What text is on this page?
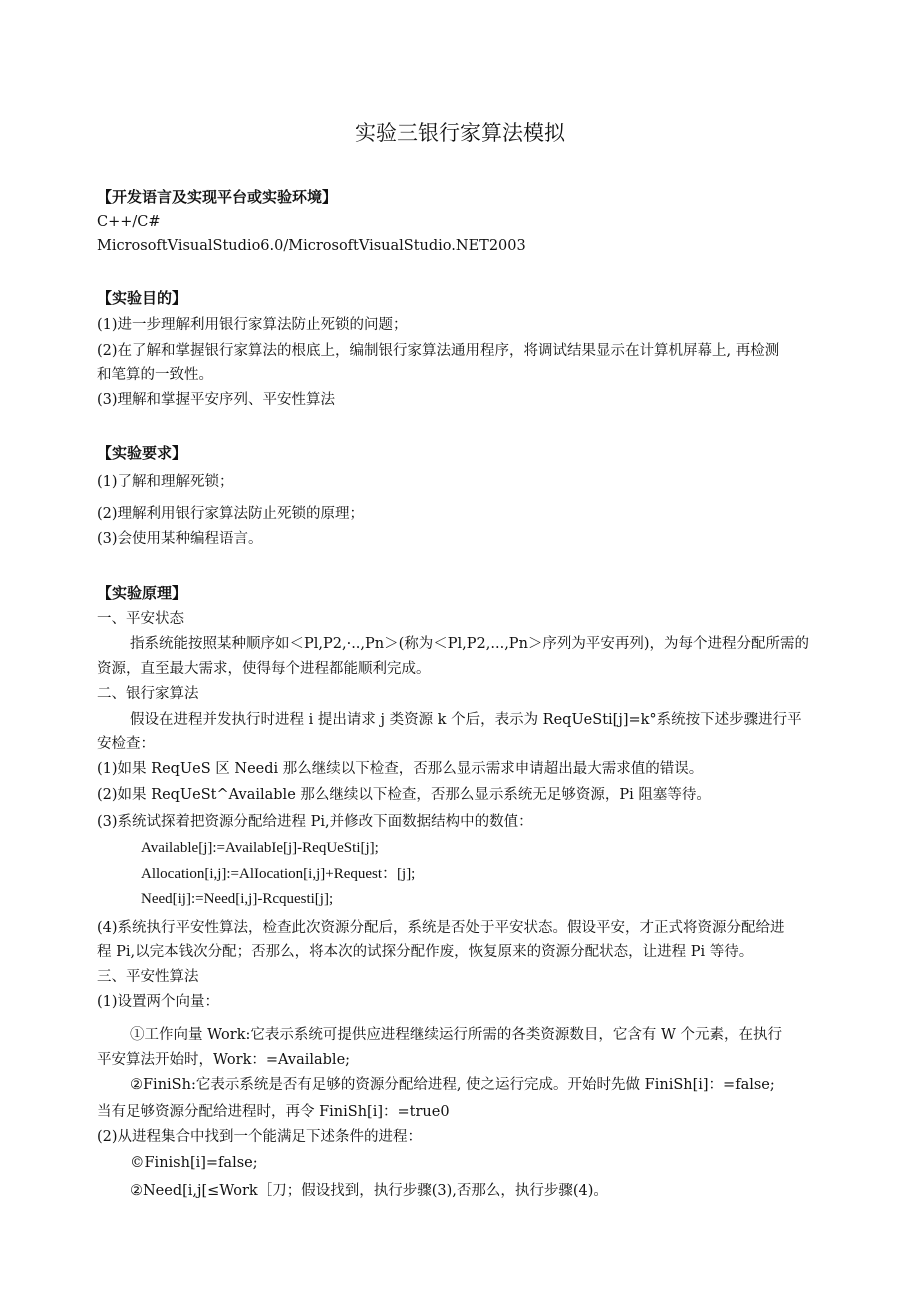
实验三银行家算法模拟
【开发语言及实现平台或实验环境】
C++/C#
MicrosoftVisualStudio6.0/MicrosoftVisualStudio.NET2003
【实验目的】
(1)进一步理解利用银行家算法防止死锁的问题；
(2)在了解和掌握银行家算法的根底上，编制银行家算法通用程序，将调试结果显示在计算机屏幕上, 再检测
和笔算的一致性。
(3)理解和掌握平安序列、平安性算法
【实验要求】
(1)了解和理解死锁；
(2)理解利用银行家算法防止死锁的原理；
(3)会使用某种编程语言。
【实验原理】
一、平安状态
指系统能按照某种顺序如＜Pl,P2,·..,Pn＞(称为＜Pl,P2,...,Pn＞序列为平安再列)，为每个进程分配所需的
资源，直至最大需求，使得每个进程都能顺利完成。
二、银行家算法
假设在进程并发执行时进程 i 提出请求 j 类资源 k 个后，表示为 ReqUeSti[j]=k°系统按下述步骤进行平
安检查：
(1)如果 ReqUeS 区 Needi 那么继续以下检查，否那么显示需求申请超出最大需求值的错误。
(2)如果 ReqUeSt^Available 那么继续以下检查，否那么显示系统无足够资源，Pi 阻塞等待。
(3)系统试探着把资源分配给进程 Pi,并修改下面数据结构中的数值：
Available[j]:=AvailabIe[j]-ReqUeSti[j];
Allocation[i,j]:=AlIocation[i,j]+Request：[j];
Need[ij]:=Need[i,j]-Rcquesti[j];
(4)系统执行平安性算法，检查此次资源分配后，系统是否处于平安状态。假设平安，才正式将资源分配给进
程 Pi,以完本钱次分配；否那么，将本次的试探分配作废，恢复原来的资源分配状态，让进程 Pi 等待。
三、平安性算法
(1)设置两个向量：
①工作向量 Work:它表示系统可提供应进程继续运行所需的各类资源数目，它含有 W 个元素，在执行
平安算法开始时，Work：=Available;
②FiniSh:它表示系统是否有足够的资源分配给进程, 使之运行完成。开始时先做 FiniSh[i]：=false;
当有足够资源分配给进程时，再令 FiniSh[i]：=true0
(2)从进程集合中找到一个能满足下述条件的进程：
©Finish[i]=false;
②Need[i,j[≤Work［刀；假设找到，执行步骤(3),否那么，执行步骤(4)。
